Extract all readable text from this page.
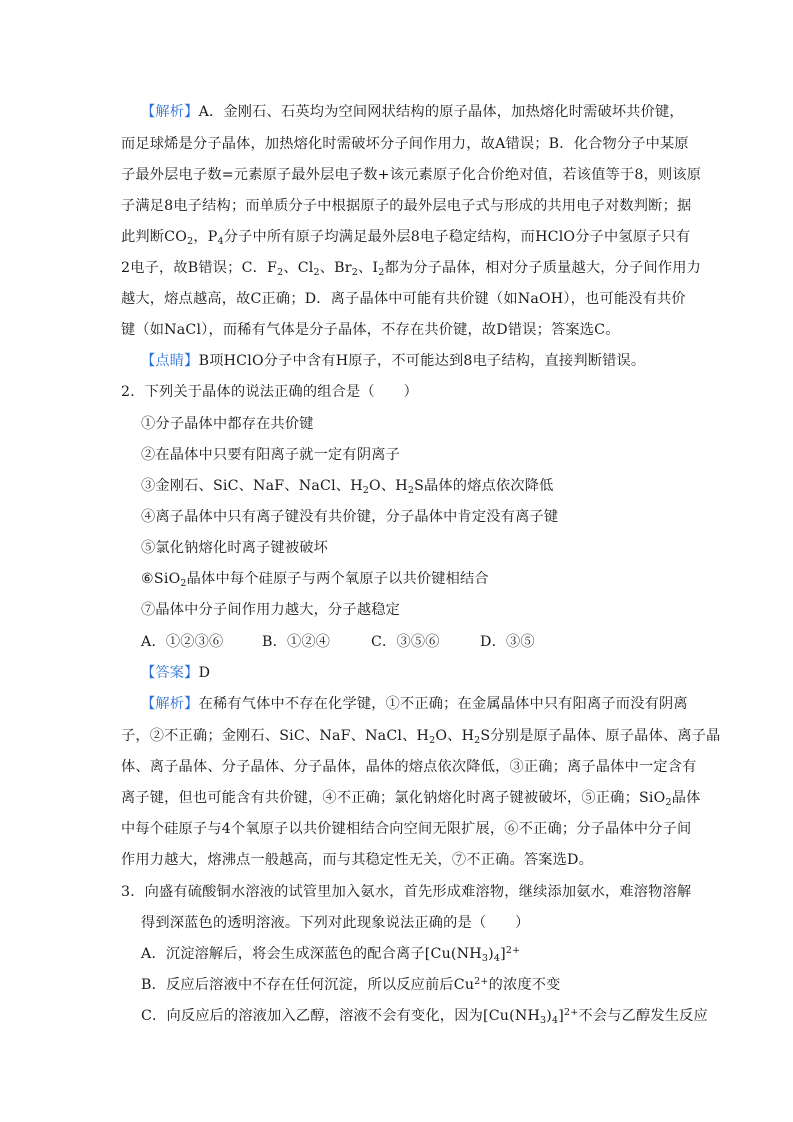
【解析】A．金刚石、石英均为空间网状结构的原子晶体，加热熔化时需破坏共价键，
而足球烯是分子晶体，加热熔化时需破坏分子间作用力，故A错误；B．化合物分子中某原
子最外层电子数=元素原子最外层电子数+该元素原子化合价绝对值，若该值等于8，则该原
子满足8电子结构；而单质分子中根据原子的最外层电子式与形成的共用电子对数判断；据
此判断$CO_2$，$P_4$分子中所有原子均满足最外层8电子稳定结构，而HClO分子中氢原子只有
2电子，故B错误；C．$F_2$、$Cl_2$、$Br_2$、$I_2$都为分子晶体，相对分子质量越大，分子间作用力
越大，熔点越高，故C正确；D．离子晶体中可能有共价键（如NaOH），也可能没有共价
键（如NaCl），而稀有气体是分子晶体，不存在共价键，故D错误；答案选C。
【点睛】B项HClO分子中含有H原子，不可能达到8电子结构，直接判断错误。
2．下列关于晶体的说法正确的组合是（　　）
①分子晶体中都存在共价键
②在晶体中只要有阳离子就一定有阴离子
③金刚石、SiC、NaF、NaCl、$H_2O$、$H_2S$晶体的熔点依次降低
④离子晶体中只有离子键没有共价键，分子晶体中肯定没有离子键
⑤氯化钠熔化时离子键被破坏
⑥SiO$_2$晶体中每个硅原子与两个氧原子以共价键相结合
⑦晶体中分子间作用力越大，分子越稳定
A．①②③⑥	B．①②④	C．③⑤⑥	D．③⑤
【答案】D
【解析】在稀有气体中不存在化学键，①不正确；在金属晶体中只有阳离子而没有阴离
子，②不正确；金刚石、SiC、NaF、NaCl、$H_2O$、$H_2S$分别是原子晶体、原子晶体、离子晶
体、离子晶体、分子晶体、分子晶体，晶体的熔点依次降低，③正确；离子晶体中一定含有
离子键，但也可能含有共价键，④不正确；氯化钠熔化时离子键被破坏，⑤正确；SiO$_2$晶体
中每个硅原子与4个氧原子以共价键相结合向空间无限扩展，⑥不正确；分子晶体中分子间
作用力越大，熔沸点一般越高，而与其稳定性无关，⑦不正确。答案选D。
3．向盛有硫酸铜水溶液的试管里加入氨水，首先形成难溶物，继续添加氨水，难溶物溶解
得到深蓝色的透明溶液。下列对此现象说法正确的是（　　）
A．沉淀溶解后，将会生成深蓝色的配合离子$[Cu(NH_3)_4]^{2+}$
B．反应后溶液中不存在任何沉淀，所以反应前后$Cu^{2+}$的浓度不变
C．向反应后的溶液加入乙醇，溶液不会有变化，因为$[Cu(NH_3)_4]^{2+}$不会与乙醇发生反应
